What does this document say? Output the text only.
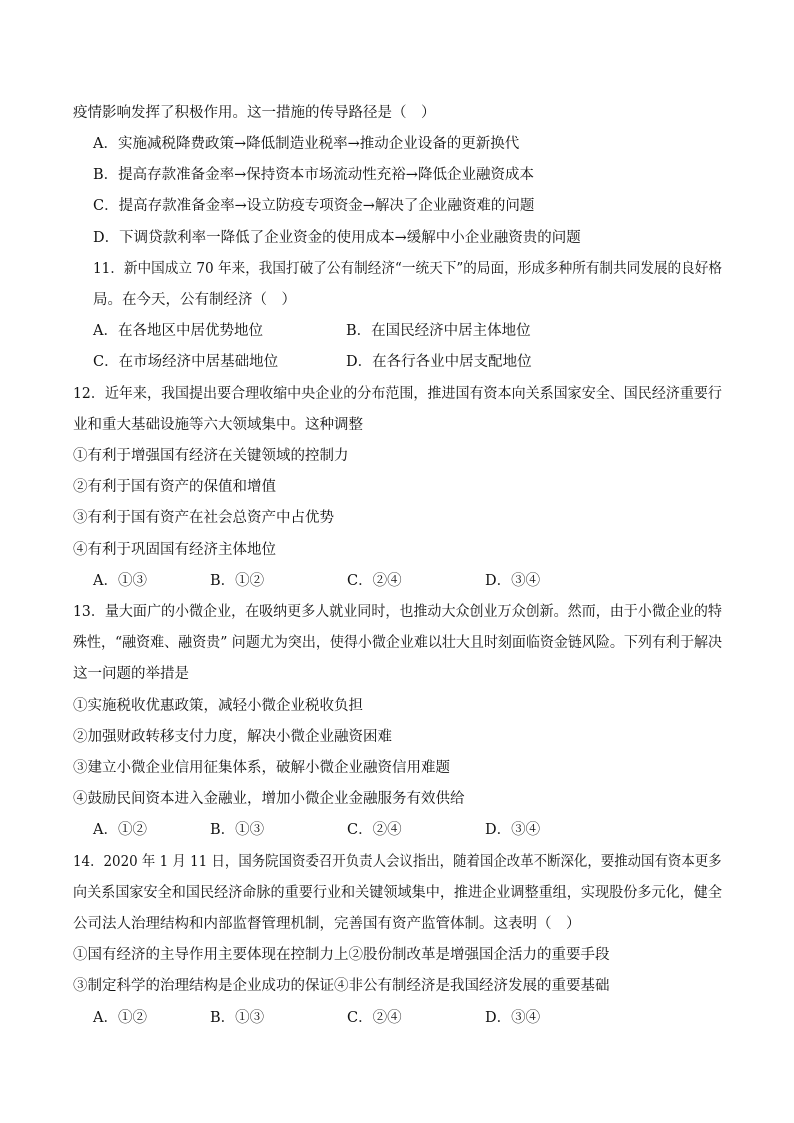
疫情影响发挥了积极作用。这一措施的传导路径是（　）
A．实施减税降费政策→降低制造业税率→推动企业设备的更新换代
B．提高存款准备金率→保持资本市场流动性充裕→降低企业融资成本
C．提高存款准备金率→设立防疫专项资金→解决了企业融资难的问题
D．下调贷款利率一降低了企业资金的使用成本→缓解中小企业融资贵的问题
11．新中国成立 70 年来，我国打破了公有制经济“一统天下”的局面，形成多种所有制共同发展的良好格
局。在今天，公有制经济（　）
A．在各地区中居优势地位	B．在国民经济中居主体地位
C．在市场经济中居基础地位	D．在各行各业中居支配地位
12．近年来，我国提出要合理收缩中央企业的分布范围，推进国有资本向关系国家安全、国民经济重要行
业和重大基础设施等六大领域集中。这种调整
①有利于增强国有经济在关键领域的控制力
②有利于国有资产的保值和增值
③有利于国有资产在社会总资产中占优势
④有利于巩固国有经济主体地位
A．①③	B．①②	C．②④	D．③④
13．量大面广的小微企业，在吸纳更多人就业同时，也推动大众创业万众创新。然而，由于小微企业的特
殊性，“融资难、融资贵” 问题尤为突出，使得小微企业难以壮大且时刻面临资金链风险。下列有利于解决
这一问题的举措是
①实施税收优惠政策，减轻小微企业税收负担
②加强财政转移支付力度，解决小微企业融资困难
③建立小微企业信用征集体系，破解小微企业融资信用难题
④鼓励民间资本进入金融业，增加小微企业金融服务有效供给
A．①②	B．①③	C．②④	D．③④
14．2020 年 1 月 11 日，国务院国资委召开负责人会议指出，随着国企改革不断深化，要推动国有资本更多
向关系国家安全和国民经济命脉的重要行业和关键领域集中，推进企业调整重组，实现股份多元化，健全
公司法人治理结构和内部监督管理机制，完善国有资产监管体制。这表明（　）
①国有经济的主导作用主要体现在控制力上②股份制改革是增强国企活力的重要手段
③制定科学的治理结构是企业成功的保证④非公有制经济是我国经济发展的重要基础
A．①②	B．①③	C．②④	D．③④
